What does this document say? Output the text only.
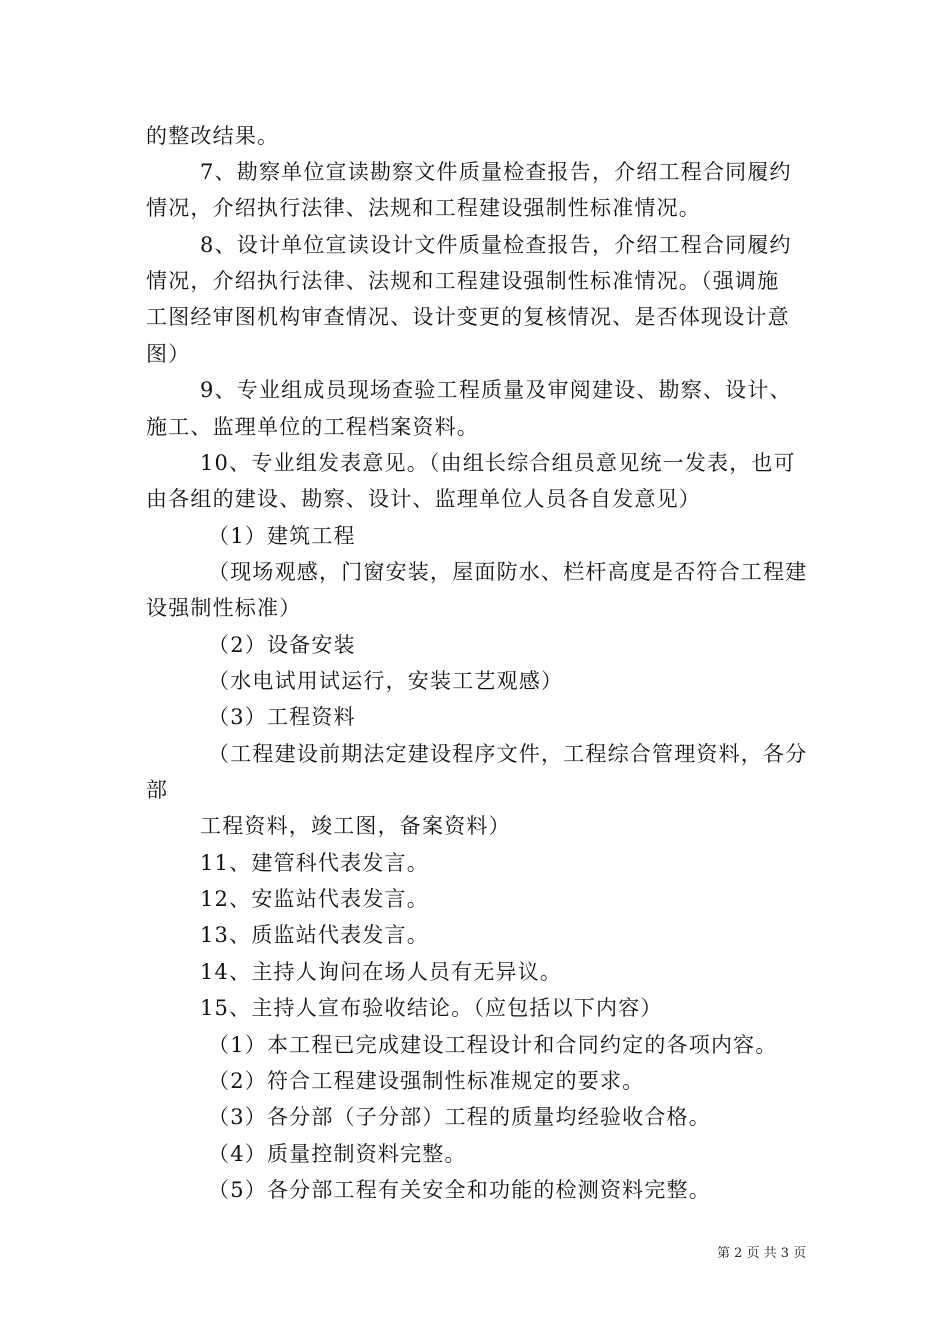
的整改结果。
7、勘察单位宣读勘察文件质量检查报告，介绍工程合同履约
情况，介绍执行法律、法规和工程建设强制性标准情况。
8、设计单位宣读设计文件质量检查报告，介绍工程合同履约
情况，介绍执行法律、法规和工程建设强制性标准情况。（强调施
工图经审图机构审查情况、设计变更的复核情况、是否体现设计意
图）
9、专业组成员现场查验工程质量及审阅建设、勘察、设计、
施工、监理单位的工程档案资料。
10、专业组发表意见。（由组长综合组员意见统一发表，也可
由各组的建设、勘察、设计、监理单位人员各自发意见）
（1）建筑工程
（现场观感，门窗安装，屋面防水、栏杆高度是否符合工程建
设强制性标准）
（2）设备安装
（水电试用试运行，安装工艺观感）
（3）工程资料
（工程建设前期法定建设程序文件，工程综合管理资料，各分
部
工程资料，竣工图，备案资料）
11、建管科代表发言。
12、安监站代表发言。
13、质监站代表发言。
14、主持人询问在场人员有无异议。
15、主持人宣布验收结论。（应包括以下内容）
（1）本工程已完成建设工程设计和合同约定的各项内容。
（2）符合工程建设强制性标准规定的要求。
（3）各分部（子分部）工程的质量均经验收合格。
（4）质量控制资料完整。
（5）各分部工程有关安全和功能的检测资料完整。
第 2 页 共 3 页
